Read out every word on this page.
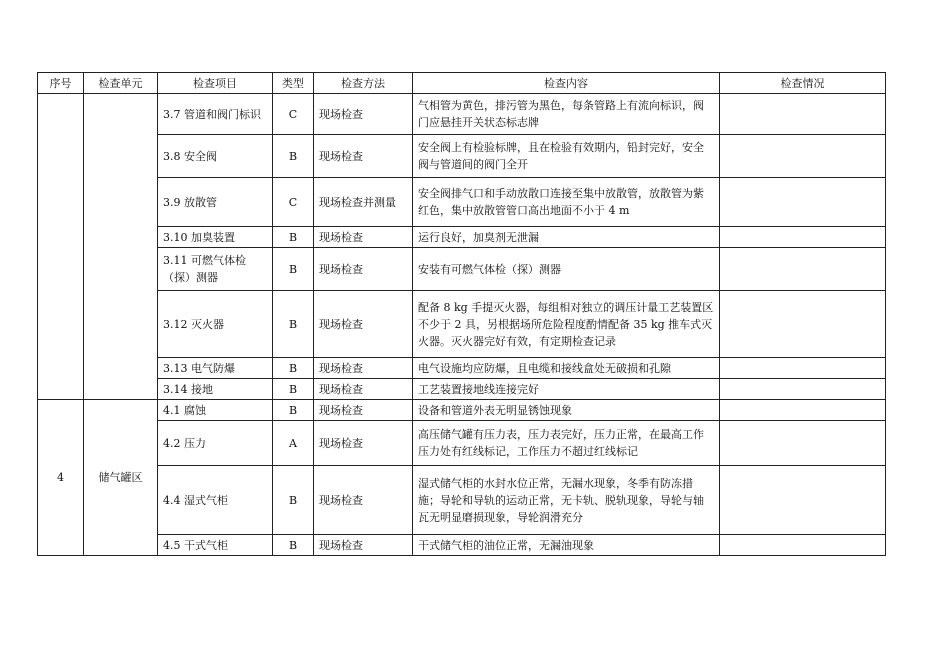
序号	检查单元	检查项目	类型	检查方法	检查内容	检查情况
		3.7 管道和阀门标识	C	现场检查	气相管为黄色，排污管为黑色，每条管路上有流向标识，阀门应悬挂开关状态标志牌	
		3.8 安全阀	B	现场检查	安全阀上有检验标牌，且在检验有效期内，铅封完好，安全阀与管道间的阀门全开	
		3.9 放散管	C	现场检查并测量	安全阀排气口和手动放散口连接至集中放散管，放散管为紫红色，集中放散管管口高出地面不小于 4 m	
		3.10 加臭装置	B	现场检查	运行良好，加臭剂无泄漏	
		3.11 可燃气体检（探）测器	B	现场检查	安装有可燃气体检（探）测器	
		3.12 灭火器	B	现场检查	配备 8 kg 手提灭火器，每组相对独立的调压计量工艺装置区不少于 2 具，另根据场所危险程度酌情配备 35 kg 推车式灭火器。灭火器完好有效，有定期检查记录	
		3.13 电气防爆	B	现场检查	电气设施均应防爆，且电缆和接线盒处无破损和孔隙	
		3.14 接地	B	现场检查	工艺装置接地线连接完好	
4	储气罐区	4.1 腐蚀	B	现场检查	设备和管道外表无明显锈蚀现象	
		4.2 压力	A	现场检查	高压储气罐有压力表，压力表完好，压力正常，在最高工作压力处有红线标记，工作压力不超过红线标记	
		4.4 湿式气柜	B	现场检查	湿式储气柜的水封水位正常，无漏水现象，冬季有防冻措施；导轮和导轨的运动正常，无卡轨、脱轨现象，导轮与轴瓦无明显磨损现象，导轮润滑充分	
		4.5 干式气柜	B	现场检查	干式储气柜的油位正常，无漏油现象	
